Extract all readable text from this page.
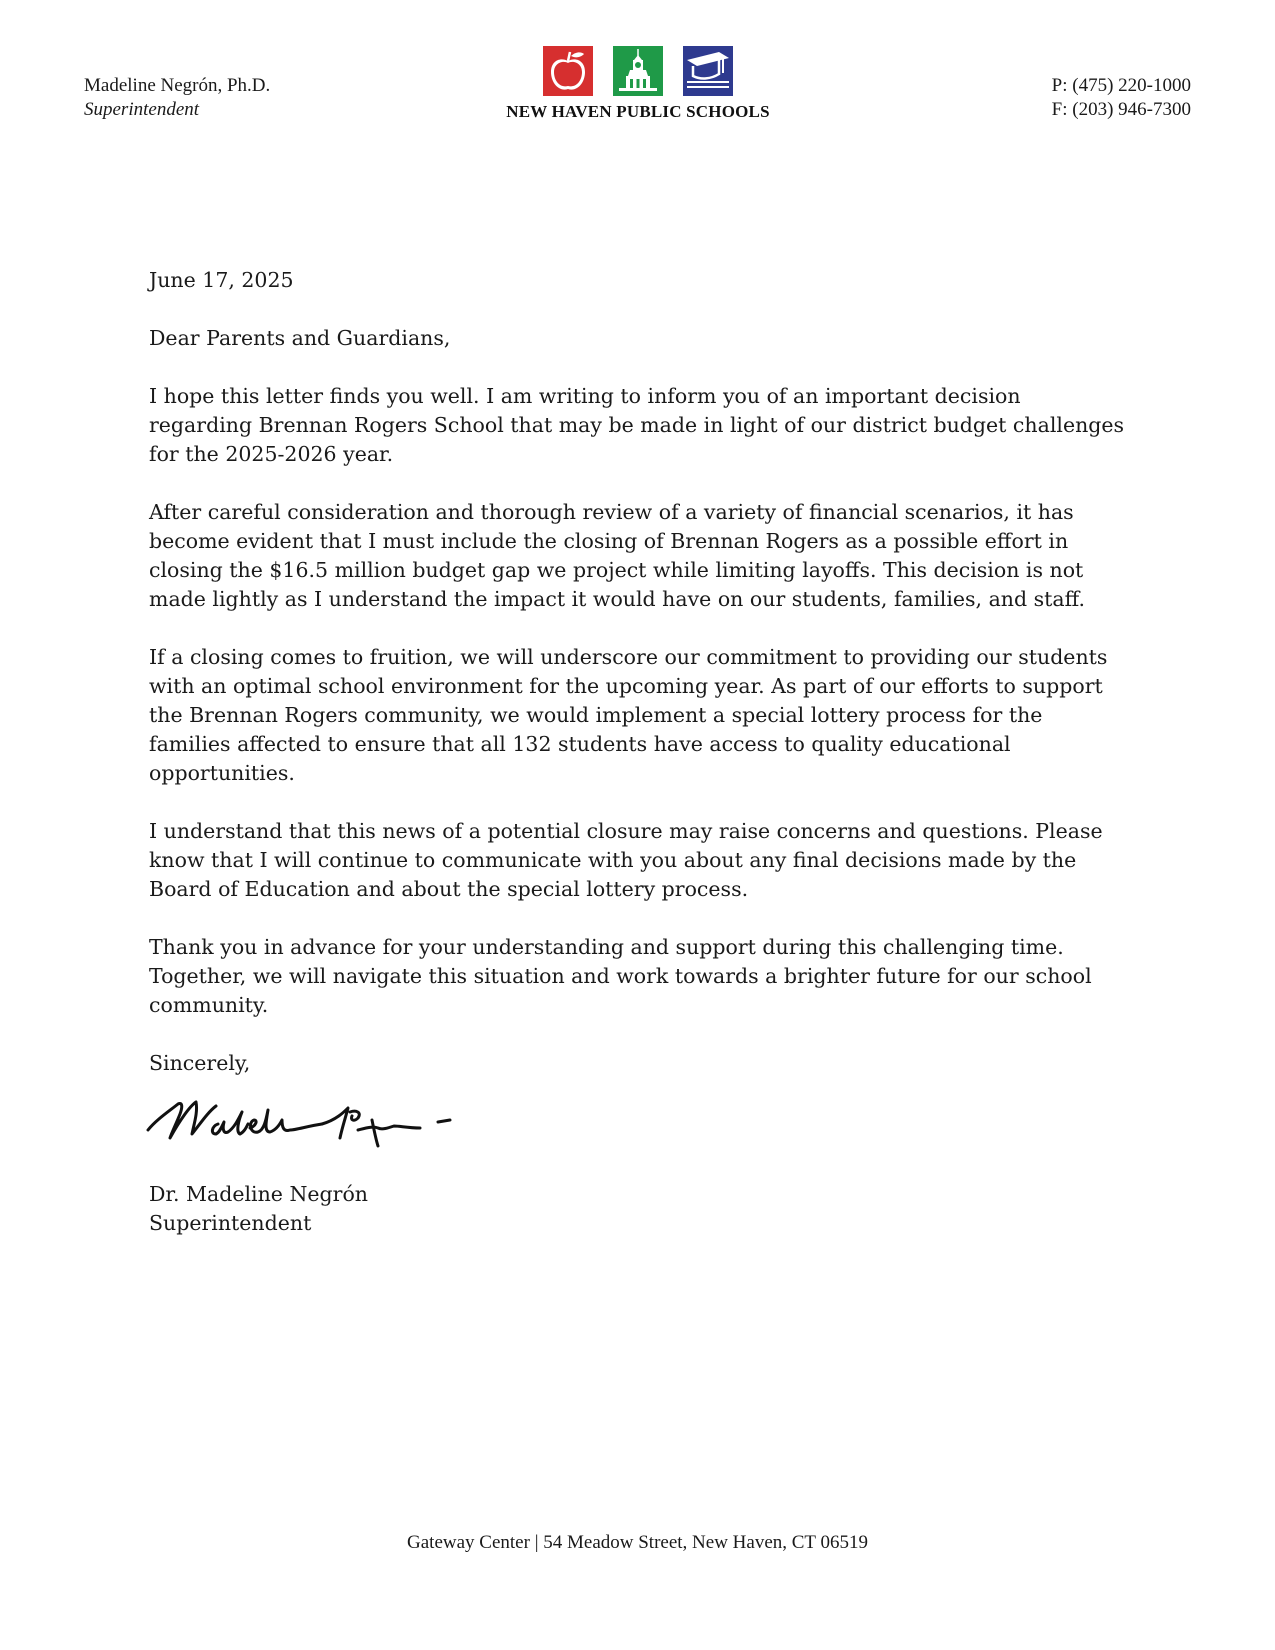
Madeline Negrón, Ph.D.
Superintendent	NEW HAVEN PUBLIC SCHOOLS
P: (475) 220-1000
F: (203) 946-7300

June 17, 2025

Dear Parents and Guardians,

I hope this letter finds you well. I am writing to inform you of an important decision regarding Brennan Rogers School that may be made in light of our district budget challenges for the 2025-2026 year.

After careful consideration and thorough review of a variety of financial scenarios, it has become evident that I must include the closing of Brennan Rogers as a possible effort in closing the $16.5 million budget gap we project while limiting layoffs. This decision is not made lightly as I understand the impact it would have on our students, families, and staff.

If a closing comes to fruition, we will underscore our commitment to providing our students with an optimal school environment for the upcoming year. As part of our efforts to support the Brennan Rogers community, we would implement a special lottery process for the families affected to ensure that all 132 students have access to quality educational opportunities.

I understand that this news of a potential closure may raise concerns and questions. Please know that I will continue to communicate with you about any final decisions made by the Board of Education and about the special lottery process.

Thank you in advance for your understanding and support during this challenging time. Together, we will navigate this situation and work towards a brighter future for our school community.

Sincerely,

Dr. Madeline Negrón
Superintendent
Gateway Center | 54 Meadow Street, New Haven, CT 06519
